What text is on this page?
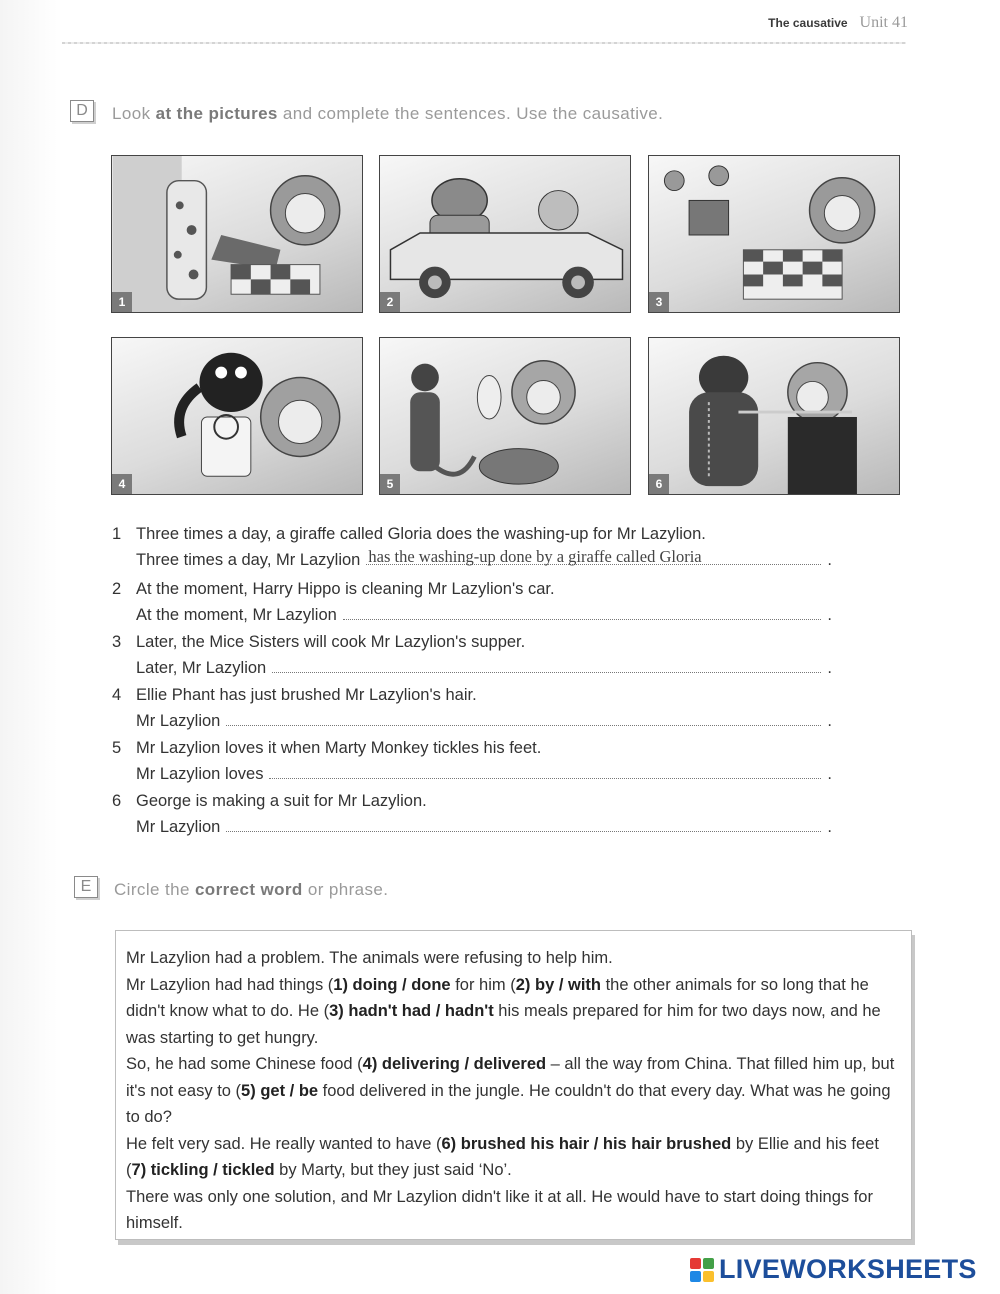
The causative Unit 41
D	Look at the pictures and complete the sentences. Use the causative.
1	2	3
4	5	6
1 Three times a day, a giraffe called Gloria does the washing-up for Mr Lazylion.
Three times a day, Mr Lazylion has the washing-up done by a giraffe called Gloria	.
2 At the moment, Harry Hippo is cleaning Mr Lazylion's car.
At the moment, Mr Lazylion	.
3 Later, the Mice Sisters will cook Mr Lazylion's supper.
Later, Mr Lazylion	.
4 Ellie Phant has just brushed Mr Lazylion's hair.
Mr Lazylion	.
5 Mr Lazylion loves it when Marty Monkey tickles his feet.
Mr Lazylion loves	.
6 George is making a suit for Mr Lazylion.
Mr Lazylion	.
E	Circle the correct word or phrase.

Mr Lazylion had a problem. The animals were refusing to help him.

Mr Lazylion had had things (1) doing / done for him (2) by / with the other animals for so long that he didn't know what to do. He (3) hadn't had / hadn't his meals prepared for him for two days now, and he was starting to get hungry.

So, he had some Chinese food (4) delivering / delivered – all the way from China. That filled him up, but it's not easy to (5) get / be food delivered in the jungle. He couldn't do that every day. What was he going to do?

He felt very sad. He really wanted to have (6) brushed his hair / his hair brushed by Ellie and his feet (7) tickling / tickled by Marty, but they just said ‘No’.

There was only one solution, and Mr Lazylion didn't like it at all. He would have to start doing things for himself.

LIVEWORKSHEETS
